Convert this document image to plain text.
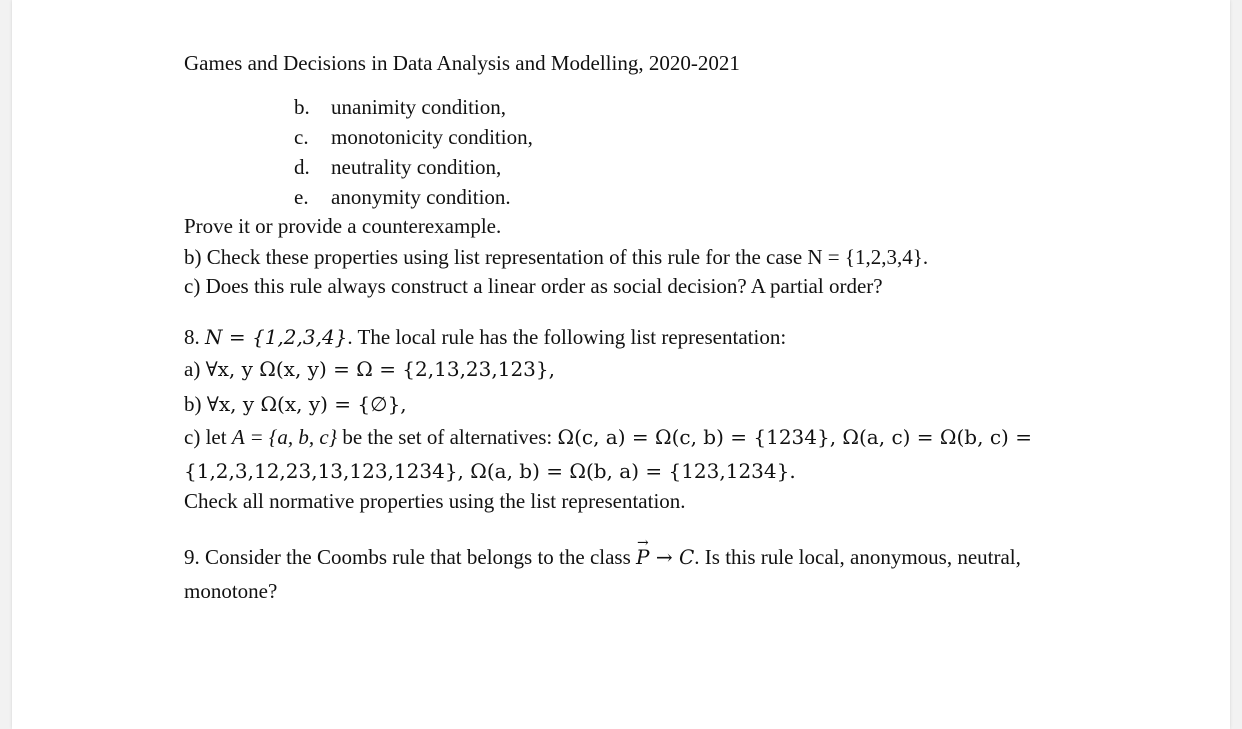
Games and Decisions in Data Analysis and Modelling, 2020-2021
b. unanimity condition,
c. monotonicity condition,
d. neutrality condition,
e. anonymity condition.
Prove it or provide a counterexample.
b) Check these properties using list representation of this rule for the case N = {1,2,3,4}.
c) Does this rule always construct a linear order as social decision? A partial order?
8. N = {1,2,3,4}. The local rule has the following list representation:
a) ∀x, y Ω(x, y) = Ω = {2,13,23,123},
b) ∀x, y Ω(x, y) = {∅},
c) let A = {a, b, c} be the set of alternatives: Ω(c, a) = Ω(c, b) = {1234}, Ω(a, c) = Ω(b, c) =
{1,2,3,12,23,13,123,1234}, Ω(a, b) = Ω(b, a) = {123,1234}.
Check all normative properties using the list representation.
9. Consider the Coombs rule that belongs to the class → P → C. Is this rule local, anonymous, neutral,
monotone?
